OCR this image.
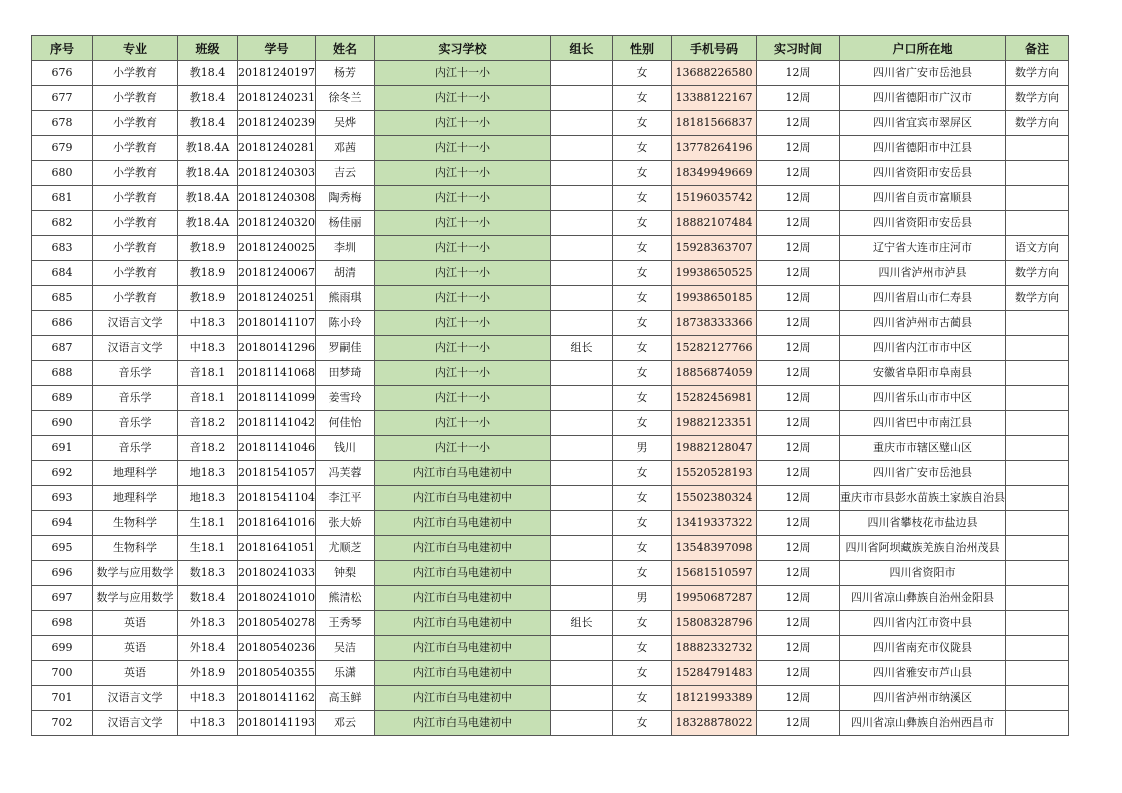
序号	专业	班级	学号	姓名	实习学校	组长	性别	手机号码	实习时间	户口所在地	备注
676	小学教育	教18.4	20181240197	杨芳	内江十一小		女	13688226580	12周	四川省广安市岳池县	数学方向
677	小学教育	教18.4	20181240231	徐冬兰	内江十一小		女	13388122167	12周	四川省德阳市广汉市	数学方向
678	小学教育	教18.4	20181240239	吴烨	内江十一小		女	18181566837	12周	四川省宜宾市翠屏区	数学方向
679	小学教育	教18.4A	20181240281	邓茜	内江十一小		女	13778264196	12周	四川省德阳市中江县	
680	小学教育	教18.4A	20181240303	吉云	内江十一小		女	18349949669	12周	四川省资阳市安岳县	
681	小学教育	教18.4A	20181240308	陶秀梅	内江十一小		女	15196035742	12周	四川省自贡市富顺县	
682	小学教育	教18.4A	20181240320	杨佳丽	内江十一小		女	18882107484	12周	四川省资阳市安岳县	
683	小学教育	教18.9	20181240025	李圳	内江十一小		女	15928363707	12周	辽宁省大连市庄河市	语文方向
684	小学教育	教18.9	20181240067	胡清	内江十一小		女	19938650525	12周	四川省泸州市泸县	数学方向
685	小学教育	教18.9	20181240251	熊雨琪	内江十一小		女	19938650185	12周	四川省眉山市仁寿县	数学方向
686	汉语言文学	中18.3	20180141107	陈小玲	内江十一小		女	18738333366	12周	四川省泸州市古蔺县	
687	汉语言文学	中18.3	20180141296	罗嗣佳	内江十一小	组长	女	15282127766	12周	四川省内江市市中区	
688	音乐学	音18.1	20181141068	田梦琦	内江十一小		女	18856874059	12周	安徽省阜阳市阜南县	
689	音乐学	音18.1	20181141099	姜雪玲	内江十一小		女	15282456981	12周	四川省乐山市市中区	
690	音乐学	音18.2	20181141042	何佳怡	内江十一小		女	19882123351	12周	四川省巴中市南江县	
691	音乐学	音18.2	20181141046	钱川	内江十一小		男	19882128047	12周	重庆市市辖区璧山区	
692	地理科学	地18.3	20181541057	冯芙蓉	内江市白马电建初中		女	15520528193	12周	四川省广安市岳池县	
693	地理科学	地18.3	20181541104	李江平	内江市白马电建初中		女	15502380324	12周	重庆市市县彭水苗族土家族自治县	
694	生物科学	生18.1	20181641016	张大娇	内江市白马电建初中		女	13419337322	12周	四川省攀枝花市盐边县	
695	生物科学	生18.1	20181641051	尤顺芝	内江市白马电建初中		女	13548397098	12周	四川省阿坝藏族羌族自治州茂县	
696	数学与应用数学	数18.3	20180241033	钟梨	内江市白马电建初中		女	15681510597	12周	四川省资阳市	
697	数学与应用数学	数18.4	20180241010	熊清松	内江市白马电建初中		男	19950687287	12周	四川省凉山彝族自治州金阳县	
698	英语	外18.3	20180540278	王秀琴	内江市白马电建初中	组长	女	15808328796	12周	四川省内江市资中县	
699	英语	外18.4	20180540236	吴洁	内江市白马电建初中		女	18882332732	12周	四川省南充市仪陇县	
700	英语	外18.9	20180540355	乐潇	内江市白马电建初中		女	15284791483	12周	四川省雅安市芦山县	
701	汉语言文学	中18.3	20180141162	高玉鲜	内江市白马电建初中		女	18121993389	12周	四川省泸州市纳溪区	
702	汉语言文学	中18.3	20180141193	邓云	内江市白马电建初中		女	18328878022	12周	四川省凉山彝族自治州西昌市	
